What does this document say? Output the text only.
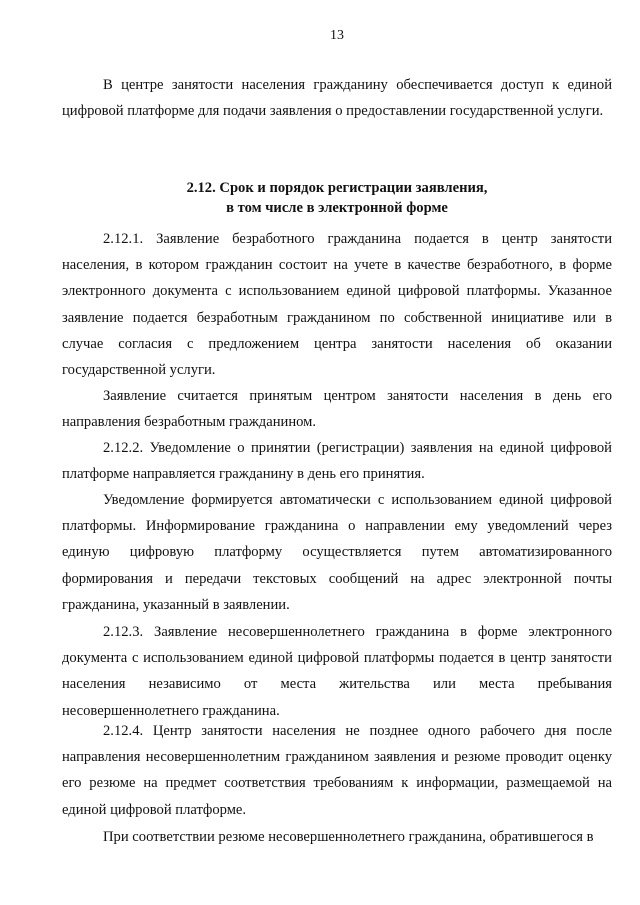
13

В центре занятости населения гражданину обеспечивается доступ к единой цифровой платформе для подачи заявления о предоставлении государственной услуги.

2.12. Срок и порядок регистрации заявления,
в том числе в электронной форме

2.12.1. Заявление безработного гражданина подается в центр занятости населения, в котором гражданин состоит на учете в качестве безработного, в форме электронного документа с использованием единой цифровой платформы. Указанное заявление подается безработным гражданином по собственной инициативе или в случае согласия с предложением центра занятости населения об оказании государственной услуги.

Заявление считается принятым центром занятости населения в день его направления безработным гражданином.

2.12.2. Уведомление о принятии (регистрации) заявления на единой цифровой платформе направляется гражданину в день его принятия.

Уведомление формируется автоматически с использованием единой цифровой платформы. Информирование гражданина о направлении ему уведомлений через единую цифровую платформу осуществляется путем автоматизированного формирования и передачи текстовых сообщений на адрес электронной почты гражданина, указанный в заявлении.

2.12.3. Заявление несовершеннолетнего гражданина в форме электронного документа с использованием единой цифровой платформы подается в центр занятости населения независимо от места жительства или места пребывания несовершеннолетнего гражданина.

2.12.4. Центр занятости населения не позднее одного рабочего дня после направления несовершеннолетним гражданином заявления и резюме проводит оценку его резюме на предмет соответствия требованиям к информации, размещаемой на единой цифровой платформе.

При соответствии резюме несовершеннолетнего гражданина, обратившегося в
